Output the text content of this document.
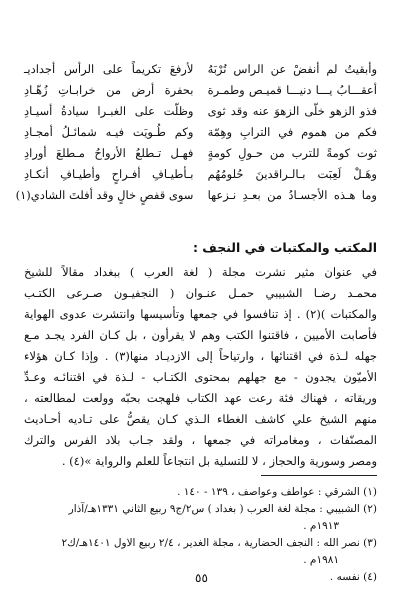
وأبقيتُ لم أنفضْ عن الراس تُرْبَهُ
لأرفعَ تكريماً على الرأس أجداديـ
أعقـــابُ يـــا دنيـــا قميـص وطمـرة
بحفرة أرض من خرابـاتِ زُهّـادِ
فذو الزهو خلّى الزهوَ عنه وقد ثوى
وظلّت على الغبـرا سيادةُ أسيـادِ
فكم من هموم في الترابِ وهِمّة
وكم طُـويَت فيـه شمائـلُ أمجـادِ
ثوت كومةً للترب من حـولِ كومةٍ
فهـل تـطلعُ الأرواحُ مـطلعَ أورادِ
وهَـلْ لَعِبَت بـالـراقدينَ حُلومُهُم
بـأطيـافِ أفـراحٍ وأطيـافِ أنكـادِ
وما هـذه الأجسـادُ من بعـدِ نـزعها
سوى قفصٍ خالٍ وقد أفلتَ الشادي(١)
المكتب والمكتبات في النجف :
في عنوان مثير نشرت مجلة ( لغة العرب ) ببغداد مقالاً للشيخ
محمـد رضـا الشبيبي حمـل عنـوان ( النجفيـون صـرعى الكتـب
والمكتبات )(٢) . إذ تنافسوا في جمعها وتأسيسها وانتشرت عدوى الهواية
فأصابت الأميين ، فاقتنوا الكتب وهم لا يقرأون ، بل كـان الفرد يجـد مـع
جهله لـذة في اقتنائها ، وارتياحاً إلى الازديـاد منها(٣) . وإذا كـان هؤلاء
الأميّون يجدون - مع جهلهم بمحتوى الكتـاب - لـذة في اقتنائـه وعـدِّ
وريقاته ، فهناك فئة رعت عهد الكتاب فلهجت بحبّه وولعت لمطالعته ،
منهم الشيخ علي كاشف الغطاء الـذي كـان يقصُّ على تـاديه أحـاديث
المصنّفات ، ومغامراته في جمعها ، ولقد جـاب بلاد الفرس والترك
ومصر وسورية والحجاز ، لا للتسلية بل انتجاعاً للعلم والرواية »(٤) .
(١) الشرقي : عواطف وعواصف ، ١٣٩ - ١٤٠ .
(٢) الشبيبي : مجلة لغة العرب ( بغداد ) س٢/ج٩ ربيع الثاني ١٣٣١هـ/آذار
١٩١٣م .
(٣) نصر الله : النجف الحضارية ، مجلة الغدير ، ٢/٤ ربيع الاول ١٤٠١هـ/ك٢
١٩٨١م .
(٤) نفسه .
٥٥
